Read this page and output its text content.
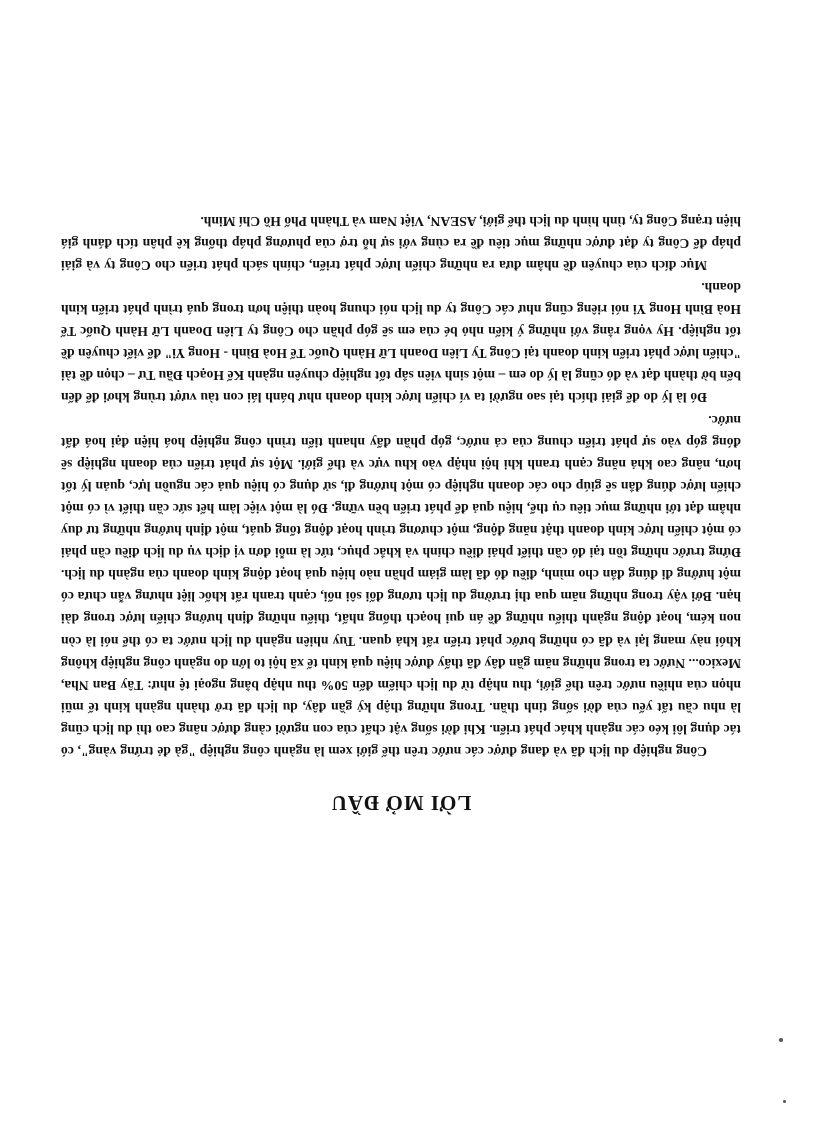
LỜI MỞ ĐẦU

Công nghiệp du lịch đã và đang được các nước trên thế giới xem là ngành công nghiệp "gà đẻ trứng vàng", có tác dụng lôi kéo các ngành khác phát triển. Khi đời sống vật chất của con người càng được nâng cao thì du lịch cũng là nhu cầu tất yếu của đời sống tinh thần. Trong những thập kỷ gần đây, du lịch đã trở thành ngành kinh tế mũi nhọn của nhiều nước trên thế giới, thu nhập từ du lịch chiếm đến 50% thu nhập bằng ngoại tệ như: Tây Ban Nha, Mexico... Nước ta trong những năm gần đây đã thấy được hiệu quả kinh tế xã hội to lớn do ngành công nghiệp không khói này mang lại và đã có những bước phát triển rất khả quan. Tuy nhiên ngành du lịch nước ta có thể nói là còn non kém, hoạt động ngành thiếu những đề án qui hoạch thống nhất, thiếu những định hướng chiến lược trong dài hạn. Bởi vậy trong những năm qua thị trường du lịch tương đối sôi nổi, cạnh tranh rất khốc liệt nhưng vẫn chưa có một hướng đi đúng đắn cho mình, điều đó đã làm giảm phần nào hiệu quả hoạt động kinh doanh của ngành du lịch. Đứng trước những tồn tại đó cần thiết phải điều chỉnh và khắc phục, tức là mỗi đơn vị dịch vụ du lịch điều cần phải có một chiến lược kinh doanh thật năng động, một chương trình hoạt động tổng quát, một định hướng những tư duy nhằm đạt tới những mục tiêu cụ thể, hiệu quả để phát triển bền vững. Đó là một việc làm hết sức cần thiết vì có một chiến lược đúng đắn sẽ giúp cho các doanh nghiệp có một hướng đi, sử dụng có hiệu quả các nguồn lực, quản lý tốt hơn, nâng cao khả năng cạnh tranh khi hội nhập vào khu vực và thế giới. Một sự phát triển của doanh nghiệp sẽ đóng góp vào sự phát triển chung của cả nước, góp phần đẩy nhanh tiến trình công nghiệp hoá hiện đại hoá đất nước.

Đó là lý do để giải thích tại sao người ta ví chiến lược kinh doanh như bánh lái con tàu vượt trùng khơi để đến bến bờ thành đạt và đó cũng là lý do em – một sinh viên sắp tốt nghiệp chuyên ngành Kế Hoạch Đầu Tư – chọn đề tài "chiến lược phát triển kinh doanh tại Công Ty Liên Doanh Lữ Hành Quốc Tế Hoà Bình - Hong Yi" để viết chuyên đề tốt nghiệp. Hy vọng rằng với những ý kiến nhỏ bé của em sẽ góp phần cho Công ty Liên Doanh Lữ Hành Quốc Tế Hoà Bình Hong Yi nói riêng cũng như các Công ty du lịch nói chung hoàn thiện hơn trong quá trình phát triển kinh doanh.

Mục đích của chuyên đề nhằm đưa ra những chiến lược phát triển, chính sách phát triển cho Công ty và giải pháp để Công ty đạt được những mục tiêu đề ra cùng với sự hỗ trợ của phương pháp thống kê phân tích đánh giá hiện trạng Công ty, tình hình du lịch thế giới, ASEAN, Việt Nam và Thành Phố Hồ Chí Minh.
